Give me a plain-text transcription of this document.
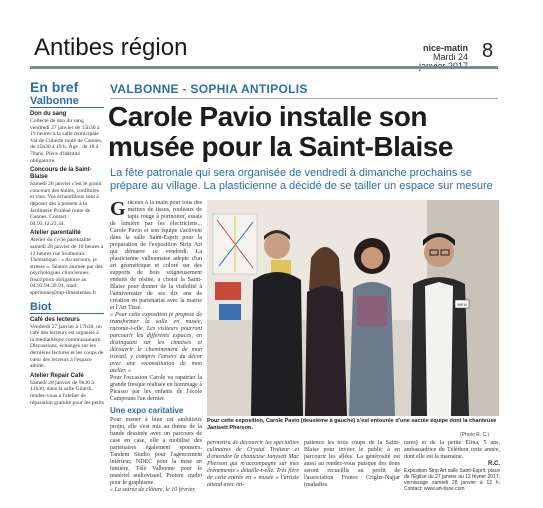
Antibes région	nice-matin
Mardi 24 8
En bref
Valbonne
Don du sang
Collecte de don du sang vendredi 27 janvier de 15h30 à 19 heures à la salle municipale Val de Cuberte route de Cannes, de 15h30 à 19 h. Âge : de 18 à 70ans. Pièce d'identité obligatoire.
Concours de la Saint-Blaise
Samedi 28 janvier c'est le grand concours des huiles, confitures et vins. Vos échantillons sont à déposer dès à présent à la Jardinerie Pruléné route de Cannes. Contact : 04.93.12.23.34.
Atelier parentalité
Atelier du cycle parentalité samedi 28 janvier de 10 heures à 12 heures rue Soubeiran. Thématique : « Au secours, je stresse ». Séance animée par des psychologues cliniciennes. Inscription obligatoire au 04.93.94.39.91, mail: sperinone@mp-ilinestemes.fr
Biot
Café des lecteurs
Vendredi 27 janvier à 17h30, un café des lecteurs est organisé à la médiathèque communautaire. Discussions, échanges sur les dernières lectures et les coups de cœur des lecteurs à l'espace adulte.
Atelier Repair Café
Samedi 28 janvier de 9h30 à 12h30, dans la salle Gilardi, rendez-vous à l'atelier de réparation gratuite pour les petits
VALBONNE - SOPHIA ANTIPOLIS
Carole Pavio installe son musée pour la Saint-Blaise
La fête patronale qui sera organisée de vendredi à dimanche prochains se prépare au village. La plasticienne a décidé de se tailler un espace sur mesure
G râceux à la main pour tous des mettres de tissus, rouleaux de tapis rouge à portnoirer, essais de lumière par les électriciens... Carole Pavio et son équipe s'activent dans la salle Saint-Esprit pour la préparation de l'exposition Strip Art qui démarre ce vendredi. La plasticienne valbonnaise adepte d'un art géométrique et coloré sur des supports de bois soigneusement enduits de résine, a choisi la Saint-Blaise pour donner de la visibilité à l'anniversaire de ses dix ans de création en partenariat avec la mairie et l'Art Tissé.
« Pour cette exposition je propose de transformer la salle en musée, raconte-t-elle. Les visiteurs pourront parcourir les différents espaces, en distinguant sur les cimaises et découvrir le cheminement de mon travail, y compris l'envers du décor avec une reconstitution de mon atelier. »
Pour l'occasion Carole va rapatrier la grande fresque réalisée en hommage à Picasso par les enfants de l'école Campouns l'an dernier.
Une expo caritative
Pour mener à bien cet ambitieux projet, elle s'est mis au thème de la bande dessinée avec un parcours de case en case, elle a mobilisé des partenaires également sponsors. Tandem Studio pour l'agencement intérieur, NDEC pour la mise en lumière, Télé Valbonne pour le matériel audiovisuel, Protem studio pour le graphisme.
« La soirée de clôture, le 10 février,
BIEN
Pour cette exposition, Carole Pavio (deuxième à gauche) s'est entourée d'une sacrée équipe dont la chanteuse Janisett Pherson.
(Photo R. C.)
permettra de découvrir les spécialités culinaires de Crystal Traiteur et d'entendre la chanteuse Janysett Mac Pherson qui m'accompagne sur mes évènements » détaille-t-elle. Très fière de cette entrée en « musée » l'artiste attend avec im-
patience les trois coups de la Saint-Blaise pour inviter le public à en parcourir les allées. La générosité est aussi au rendez-vous puisque des dons seront recueillis au profit de l'association France Crigler-Najjar (maladies
rares) et de la petite Elina, 5 ans, ambassadrice du Téléthon cette année, dont elle est la marraine.
R.C.
Exposition Strip Art salle Saint-Esprit, place de l'Église du 27 janvier au 12 février 2017, vernissage samedi 28 janvier à 12 h. Contact: www.art-tisse.com
